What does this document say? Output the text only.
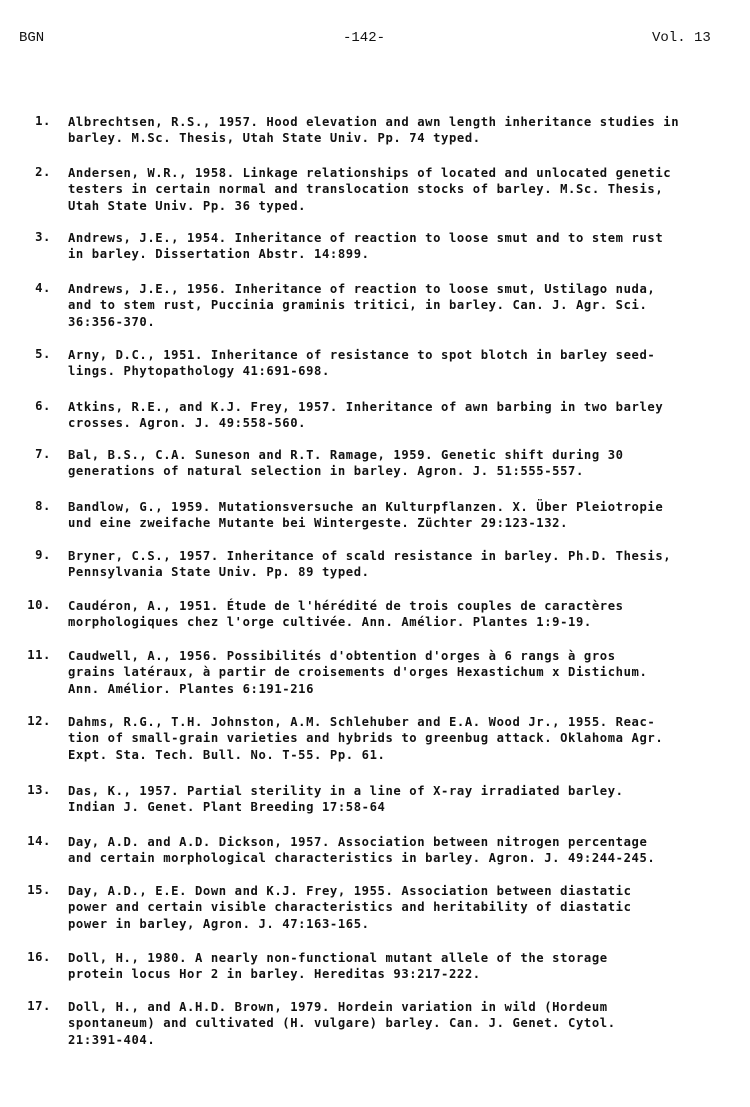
BGN	-142-	Vol. 13
1. Albrechtsen, R.S., 1957. Hood elevation and awn length inheritance studies in
barley. M.Sc. Thesis, Utah State Univ. Pp. 74 typed.
2. Andersen, W.R., 1958. Linkage relationships of located and unlocated genetic
testers in certain normal and translocation stocks of barley. M.Sc. Thesis,
Utah State Univ. Pp. 36 typed.
3. Andrews, J.E., 1954. Inheritance of reaction to loose smut and to stem rust
in barley. Dissertation Abstr. 14:899.
4. Andrews, J.E., 1956. Inheritance of reaction to loose smut, Ustilago nuda,
and to stem rust, Puccinia graminis tritici, in barley. Can. J. Agr. Sci.
36:356-370.
5. Arny, D.C., 1951. Inheritance of resistance to spot blotch in barley seed-
lings. Phytopathology 41:691-698.
6. Atkins, R.E., and K.J. Frey, 1957. Inheritance of awn barbing in two barley
crosses. Agron. J. 49:558-560.
7. Bal, B.S., C.A. Suneson and R.T. Ramage, 1959. Genetic shift during 30
generations of natural selection in barley. Agron. J. 51:555-557.
8. Bandlow, G., 1959. Mutationsversuche an Kulturpflanzen. X. Über Pleiotropie
und eine zweifache Mutante bei Wintergeste. Züchter 29:123-132.
9. Bryner, C.S., 1957. Inheritance of scald resistance in barley. Ph.D. Thesis,
Pennsylvania State Univ. Pp. 89 typed.
10. Caudéron, A., 1951. Étude de l'hérédité de trois couples de caractères
morphologiques chez l'orge cultivée. Ann. Amélior. Plantes 1:9-19.
11. Caudwell, A., 1956. Possibilités d'obtention d'orges à 6 rangs à gros
grains latéraux, à partir de croisements d'orges Hexastichum x Distichum.
Ann. Amélior. Plantes 6:191-216
12. Dahms, R.G., T.H. Johnston, A.M. Schlehuber and E.A. Wood Jr., 1955. Reac-
tion of small-grain varieties and hybrids to greenbug attack. Oklahoma Agr.
Expt. Sta. Tech. Bull. No. T-55. Pp. 61.
13. Das, K., 1957. Partial sterility in a line of X-ray irradiated barley.
Indian J. Genet. Plant Breeding 17:58-64
14. Day, A.D. and A.D. Dickson, 1957. Association between nitrogen percentage
and certain morphological characteristics in barley. Agron. J. 49:244-245.
15. Day, A.D., E.E. Down and K.J. Frey, 1955. Association between diastatic
power and certain visible characteristics and heritability of diastatic
power in barley, Agron. J. 47:163-165.
16. Doll, H., 1980. A nearly non-functional mutant allele of the storage
protein locus Hor 2 in barley. Hereditas 93:217-222.
17. Doll, H., and A.H.D. Brown, 1979. Hordein variation in wild (Hordeum
spontaneum) and cultivated (H. vulgare) barley. Can. J. Genet. Cytol.
21:391-404.
